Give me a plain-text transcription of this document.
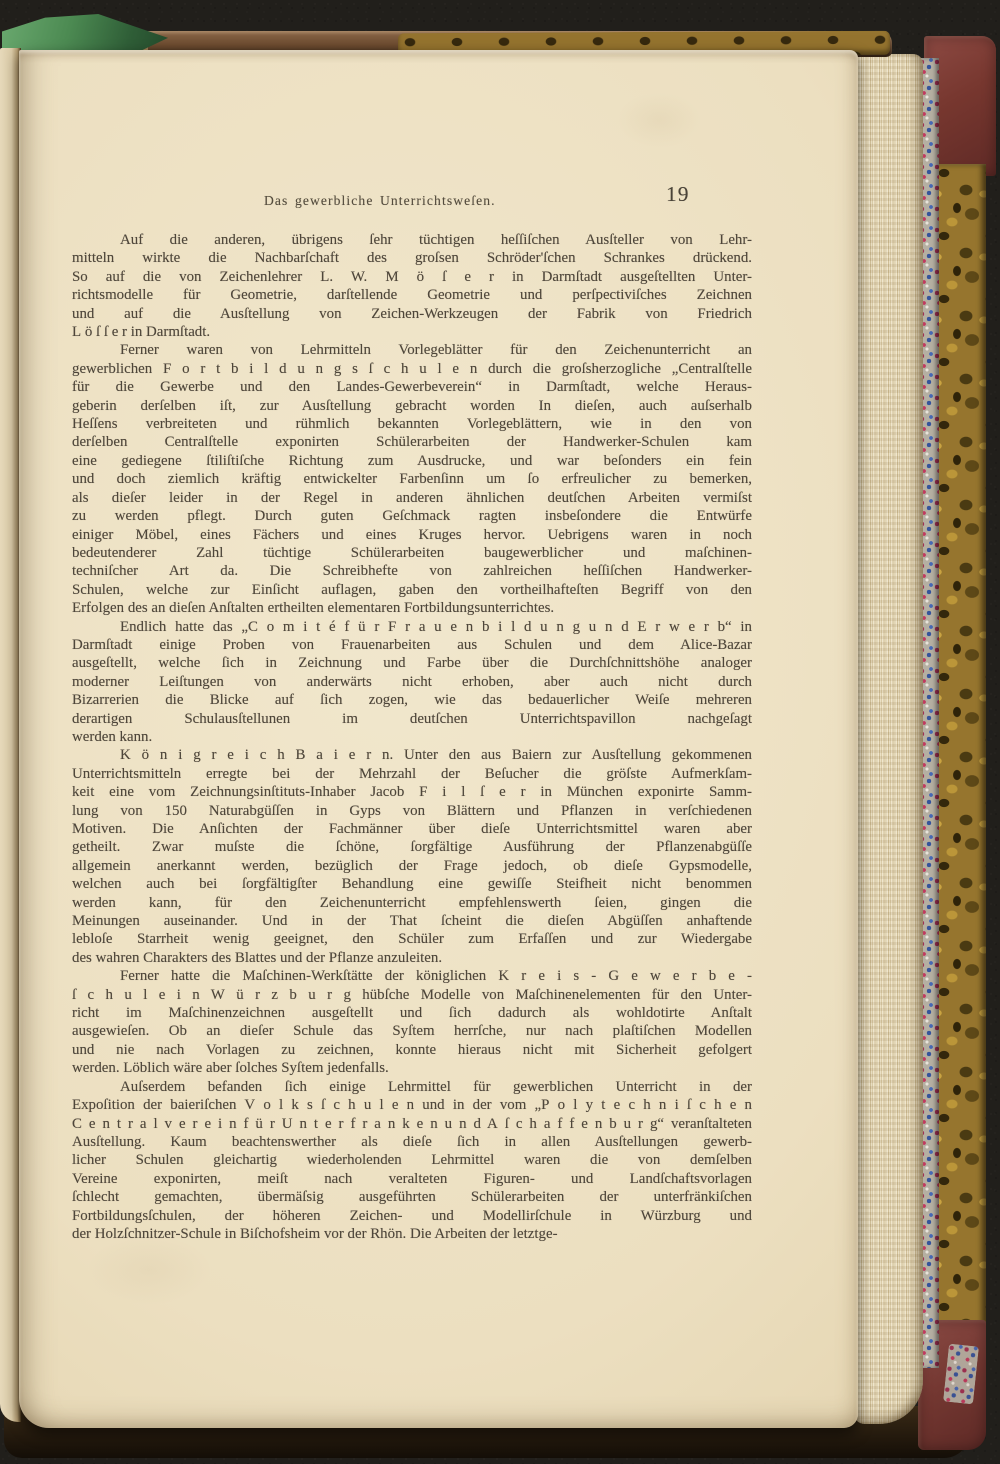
Das gewerbliche Unterrichtsweſen.	19
Auf die anderen, übrigens ſehr tüchtigen heſſiſchen Ausſteller von Lehr-
mitteln wirkte die Nachbarſchaft des groſsen Schröder'ſchen Schrankes drückend.
So auf die von Zeichenlehrer L. W. M ö ſ e r in Darmſtadt ausgeſtellten Unter-
richtsmodelle für Geometrie, darſtellende Geometrie und perſpectiviſches Zeichnen
und auf die Ausſtellung von Zeichen-Werkzeugen der Fabrik von Friedrich
L ö ſ ſ e r in Darmſtadt.
Ferner waren von Lehrmitteln Vorlegeblätter für den Zeichenunterricht an
gewerblichen F o r t b i l d u n g s ſ c h u l e n durch die groſsherzogliche „Centralſtelle
für die Gewerbe und den Landes-Gewerbeverein“ in Darmſtadt, welche Heraus-
geberin derſelben iſt, zur Ausſtellung gebracht worden In dieſen, auch auſserhalb
Heſſens verbreiteten und rühmlich bekannten Vorlegeblättern, wie in den von
derſelben Centralſtelle exponirten Schülerarbeiten der Handwerker-Schulen kam
eine gediegene ſtiliſtiſche Richtung zum Ausdrucke, und war beſonders ein fein
und doch ziemlich kräftig entwickelter Farbenſinn um ſo erfreulicher zu bemerken,
als dieſer leider in der Regel in anderen ähnlichen deutſchen Arbeiten vermiſst
zu werden pflegt. Durch guten Geſchmack ragten insbeſondere die Entwürfe
einiger Möbel, eines Fächers und eines Kruges hervor. Uebrigens waren in noch
bedeutenderer Zahl tüchtige Schülerarbeiten baugewerblicher und maſchinen-
techniſcher Art da. Die Schreibhefte von zahlreichen heſſiſchen Handwerker-
Schulen, welche zur Einſicht auflagen, gaben den vortheilhafteſten Begriff von den
Erfolgen des an dieſen Anſtalten ertheilten elementaren Fortbildungsunterrichtes.
Endlich hatte das „C o m i t é f ü r F r a u e n b i l d u n g u n d E r w e r b“ in
Darmſtadt einige Proben von Frauenarbeiten aus Schulen und dem Alice-Bazar
ausgeſtellt, welche ſich in Zeichnung und Farbe über die Durchſchnittshöhe analoger
moderner Leiſtungen von anderwärts nicht erhoben, aber auch nicht durch
Bizarrerien die Blicke auf ſich zogen, wie das bedauerlicher Weiſe mehreren
derartigen Schulausſtellunen im deutſchen Unterrichtspavillon nachgeſagt
werden kann.
K ö n i g r e i c h B a i e r n. Unter den aus Baiern zur Ausſtellung gekommenen
Unterrichtsmitteln erregte bei der Mehrzahl der Beſucher die gröſste Aufmerkſam-
keit eine vom Zeichnungsinſtituts-Inhaber Jacob F i l ſ e r in München exponirte Samm-
lung von 150 Naturabgüſſen in Gyps von Blättern und Pflanzen in verſchiedenen
Motiven. Die Anſichten der Fachmänner über dieſe Unterrichtsmittel waren aber
getheilt. Zwar muſste die ſchöne, ſorgfältige Ausführung der Pflanzenabgüſſe
allgemein anerkannt werden, bezüglich der Frage jedoch, ob dieſe Gypsmodelle,
welchen auch bei ſorgfältigſter Behandlung eine gewiſſe Steifheit nicht benommen
werden kann, für den Zeichenunterricht empfehlenswerth ſeien, gingen die
Meinungen auseinander. Und in der That ſcheint die dieſen Abgüſſen anhaftende
lebloſe Starrheit wenig geeignet, den Schüler zum Erfaſſen und zur Wiedergabe
des wahren Charakters des Blattes und der Pflanze anzuleiten.
Ferner hatte die Maſchinen-Werkſtätte der königlichen K r e i s - G e w e r b e -
ſ c h u l e i n W ü r z b u r g hübſche Modelle von Maſchinenelementen für den Unter-
richt im Maſchinenzeichnen ausgeſtellt und ſich dadurch als wohldotirte Anſtalt
ausgewieſen. Ob an dieſer Schule das Syſtem herrſche, nur nach plaſtiſchen Modellen
und nie nach Vorlagen zu zeichnen, konnte hieraus nicht mit Sicherheit gefolgert
werden. Löblich wäre aber ſolches Syſtem jedenfalls.
Auſserdem befanden ſich einige Lehrmittel für gewerblichen Unterricht in der
Expoſition der baieriſchen V o l k s ſ c h u l e n und in der vom „P o l y t e c h n i ſ c h e n
C e n t r a l v e r e i n f ü r U n t e r f r a n k e n u n d A ſ c h a f f e n b u r g“ veranſtalteten
Ausſtellung. Kaum beachtenswerther als dieſe ſich in allen Ausſtellungen gewerb-
licher Schulen gleichartig wiederholenden Lehrmittel waren die von demſelben
Vereine exponirten, meiſt nach veralteten Figuren- und Landſchaftsvorlagen
ſchlecht gemachten, übermäſsig ausgeführten Schülerarbeiten der unterfränkiſchen
Fortbildungsſchulen, der höheren Zeichen- und Modellirſchule in Würzburg und
der Holzſchnitzer-Schule in Biſchofsheim vor der Rhön. Die Arbeiten der letztge-
